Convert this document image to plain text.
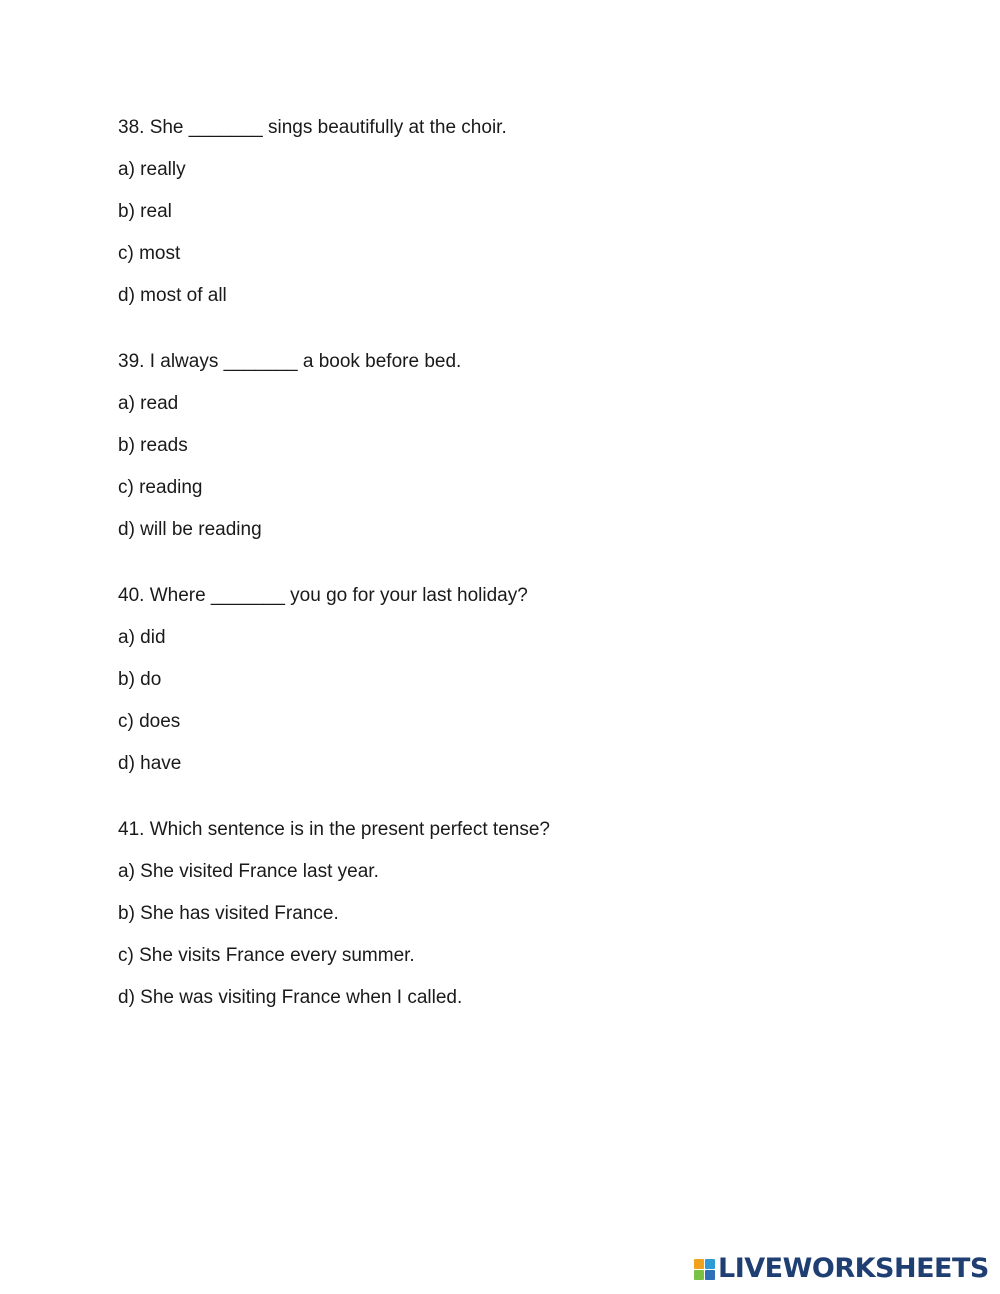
38. She _______ sings beautifully at the choir.
a) really
b) real
c) most
d) most of all
39. I always _______ a book before bed.
a) read
b) reads
c) reading
d) will be reading
40. Where _______ you go for your last holiday?
a) did
b) do
c) does
d) have
41. Which sentence is in the present perfect tense?
a) She visited France last year.
b) She has visited France.
c) She visits France every summer.
d) She was visiting France when I called.
LIVEWORKSHEETS
